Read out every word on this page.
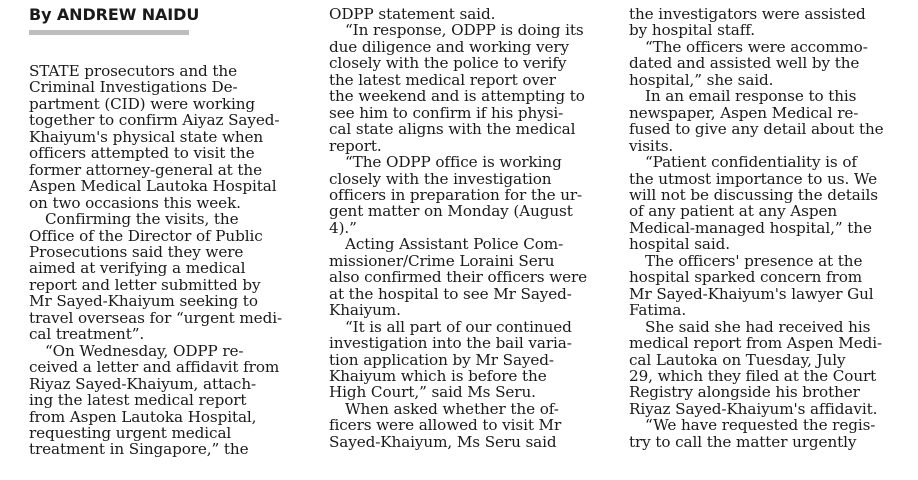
By ANDREW NAIDU
STATE prosecutors and the
Criminal Investigations De-
partment (CID) were working
together to confirm Aiyaz Sayed-
Khaiyum's physical state when
officers attempted to visit the
former attorney-general at the
Aspen Medical Lautoka Hospital
on two occasions this week.
Confirming the visits, the
Office of the Director of Public
Prosecutions said they were
aimed at verifying a medical
report and letter submitted by
Mr Sayed-Khaiyum seeking to
travel overseas for “urgent medi-
cal treatment”.
“On Wednesday, ODPP re-
ceived a letter and affidavit from
Riyaz Sayed-Khaiyum, attach-
ing the latest medical report
from Aspen Lautoka Hospital,
requesting urgent medical
treatment in Singapore,” the
ODPP statement said.
“In response, ODPP is doing its
due diligence and working very
closely with the police to verify
the latest medical report over
the weekend and is attempting to
see him to confirm if his physi-
cal state aligns with the medical
report.
“The ODPP office is working
closely with the investigation
officers in preparation for the ur-
gent matter on Monday (August
4).”
Acting Assistant Police Com-
missioner/Crime Loraini Seru
also confirmed their officers were
at the hospital to see Mr Sayed-
Khaiyum.
“It is all part of our continued
investigation into the bail varia-
tion application by Mr Sayed-
Khaiyum which is before the
High Court,” said Ms Seru.
When asked whether the of-
ficers were allowed to visit Mr
Sayed-Khaiyum, Ms Seru said
the investigators were assisted
by hospital staff.
“The officers were accommo-
dated and assisted well by the
hospital,” she said.
In an email response to this
newspaper, Aspen Medical re-
fused to give any detail about the
visits.
“Patient confidentiality is of
the utmost importance to us. We
will not be discussing the details
of any patient at any Aspen
Medical-managed hospital,” the
hospital said.
The officers' presence at the
hospital sparked concern from
Mr Sayed-Khaiyum's lawyer Gul
Fatima.
She said she had received his
medical report from Aspen Medi-
cal Lautoka on Tuesday, July
29, which they filed at the Court
Registry alongside his brother
Riyaz Sayed-Khaiyum's affidavit.
“We have requested the regis-
try to call the matter urgently
